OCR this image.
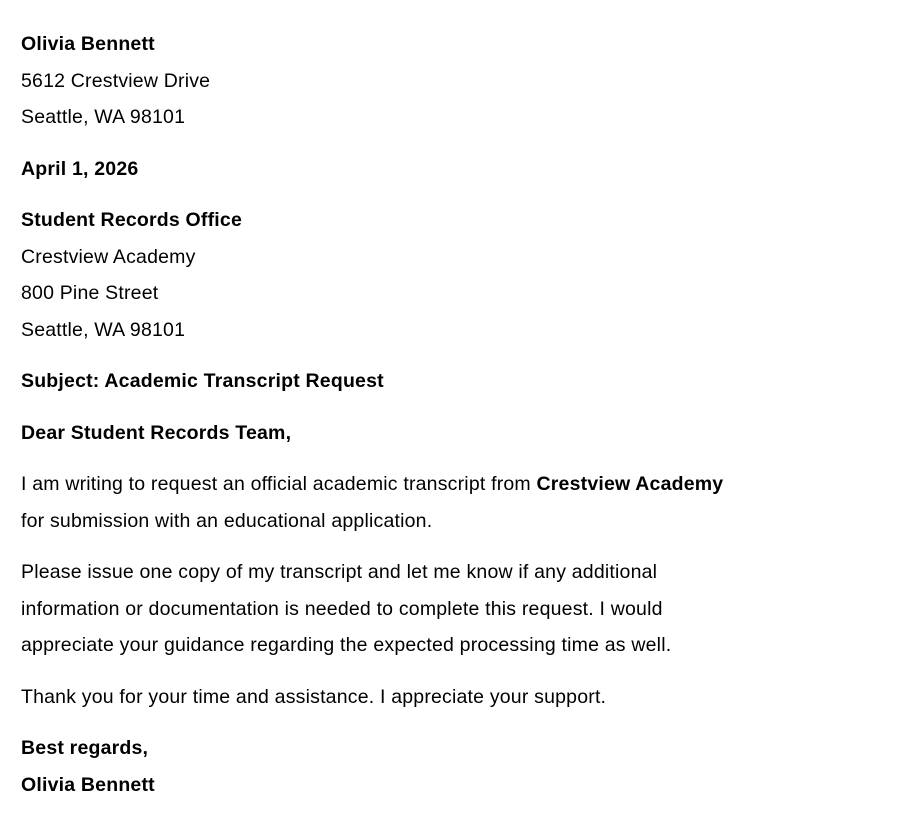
Olivia Bennett
5612 Crestview Drive
Seattle, WA 98101
April 1, 2026
Student Records Office
Crestview Academy
800 Pine Street
Seattle, WA 98101
Subject: Academic Transcript Request
Dear Student Records Team,
I am writing to request an official academic transcript from Crestview Academy
for submission with an educational application.
Please issue one copy of my transcript and let me know if any additional
information or documentation is needed to complete this request. I would
appreciate your guidance regarding the expected processing time as well.
Thank you for your time and assistance. I appreciate your support.
Best regards,
Olivia Bennett
